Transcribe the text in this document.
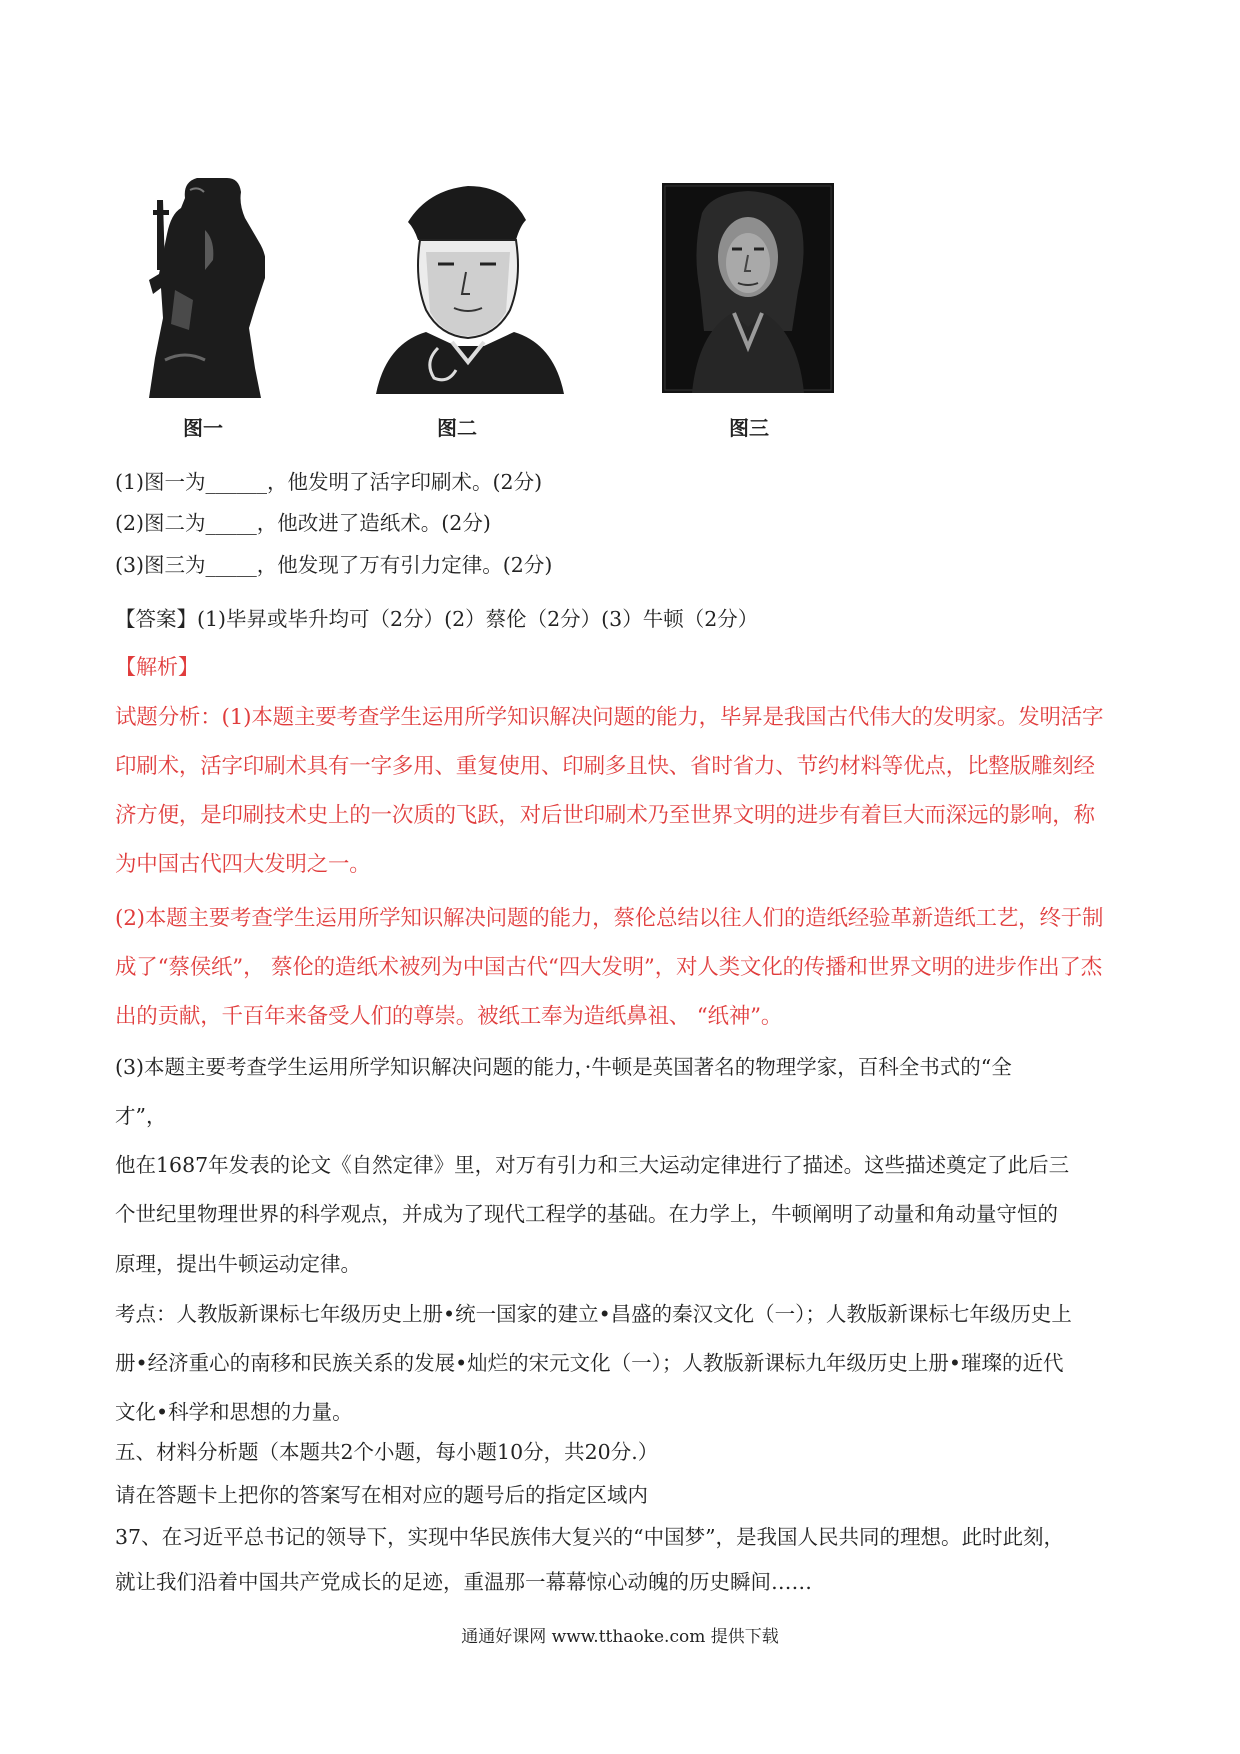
图一	图二	图三
(1)图一为______，他发明了活字印刷术。(2分)
(2)图二为_____，他改进了造纸术。(2分)
(3)图三为_____，他发现了万有引力定律。(2分)
【答案】(1)毕昇或毕升均可（2分）(2）蔡伦（2分）(3）牛顿（2分）
【解析】
试题分析：(1)本题主要考查学生运用所学知识解决问题的能力，毕昇是我国古代伟大的发明家。发明活字
印刷术，活字印刷术具有一字多用、重复使用、印刷多且快、省时省力、节约材料等优点，比整版雕刻经
济方便，是印刷技术史上的一次质的飞跃，对后世印刷术乃至世界文明的进步有着巨大而深远的影响，称
为中国古代四大发明之一。
(2)本题主要考查学生运用所学知识解决问题的能力，蔡伦总结以往人们的造纸经验革新造纸工艺，终于制
成了“蔡侯纸”， 蔡伦的造纸术被列为中国古代“四大发明”，对人类文化的传播和世界文明的进步作出了杰
出的贡献，千百年来备受人们的尊崇。被纸工奉为造纸鼻祖、 “纸神”。
(3)本题主要考查学生运用所学知识解决问题的能力，·牛顿是英国著名的物理学家，百科全书式的“全
才”，
他在1687年发表的论文《自然定律》里，对万有引力和三大运动定律进行了描述。这些描述奠定了此后三
个世纪里物理世界的科学观点，并成为了现代工程学的基础。在力学上，牛顿阐明了动量和角动量守恒的
原理，提出牛顿运动定律。
考点：人教版新课标七年级历史上册•统一国家的建立•昌盛的秦汉文化（一）；人教版新课标七年级历史上
册•经济重心的南移和民族关系的发展•灿烂的宋元文化（一）；人教版新课标九年级历史上册•璀璨的近代
文化•科学和思想的力量。
五、材料分析题（本题共2个小题，每小题10分，共20分.）
请在答题卡上把你的答案写在相对应的题号后的指定区域内
37、在习近平总书记的领导下，实现中华民族伟大复兴的“中国梦”，是我国人民共同的理想。此时此刻，
就让我们沿着中国共产党成长的足迹，重温那一幕幕惊心动魄的历史瞬间……
通通好课网 www.tthaoke.com 提供下载
